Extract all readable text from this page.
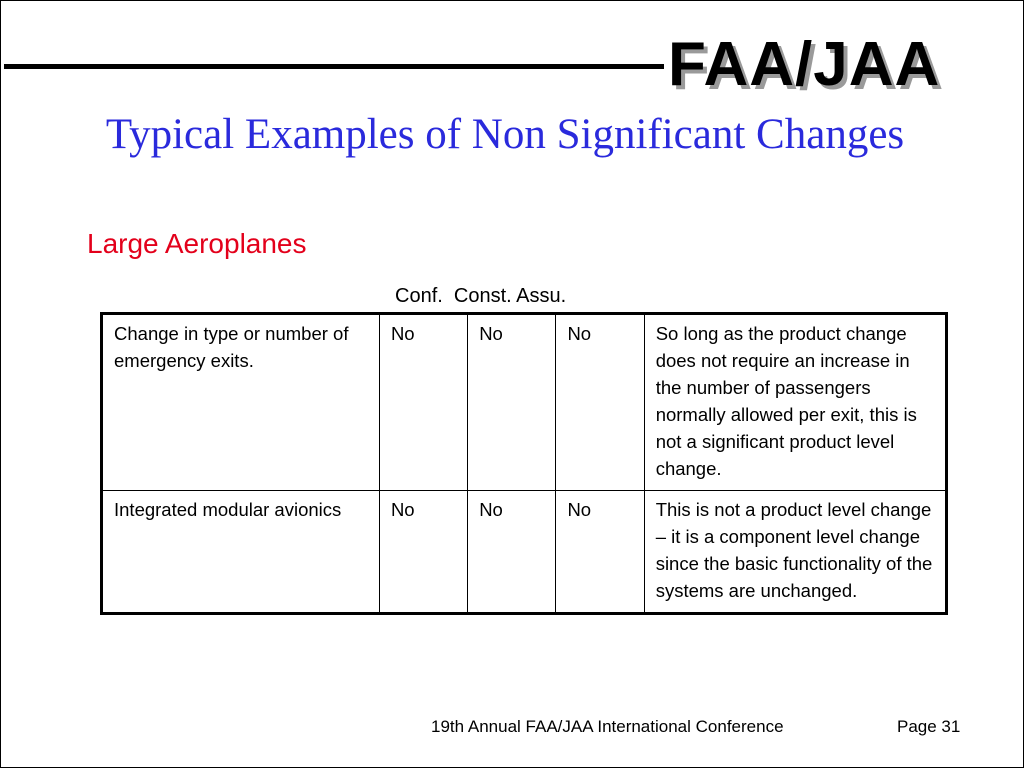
FAA/JAA
Typical Examples of Non Significant Changes
Large Aeroplanes
Conf.  Const. Assu.
Change in type or number of emergency exits.	No	No	No	So long as the product change does not require an increase in the number of passengers normally allowed per exit, this is not a significant product level change.
Integrated modular avionics	No	No	No	This is not a product level change – it is a component level change since the basic functionality of the systems are unchanged.
19th Annual FAA/JAA International Conference	Page 31
